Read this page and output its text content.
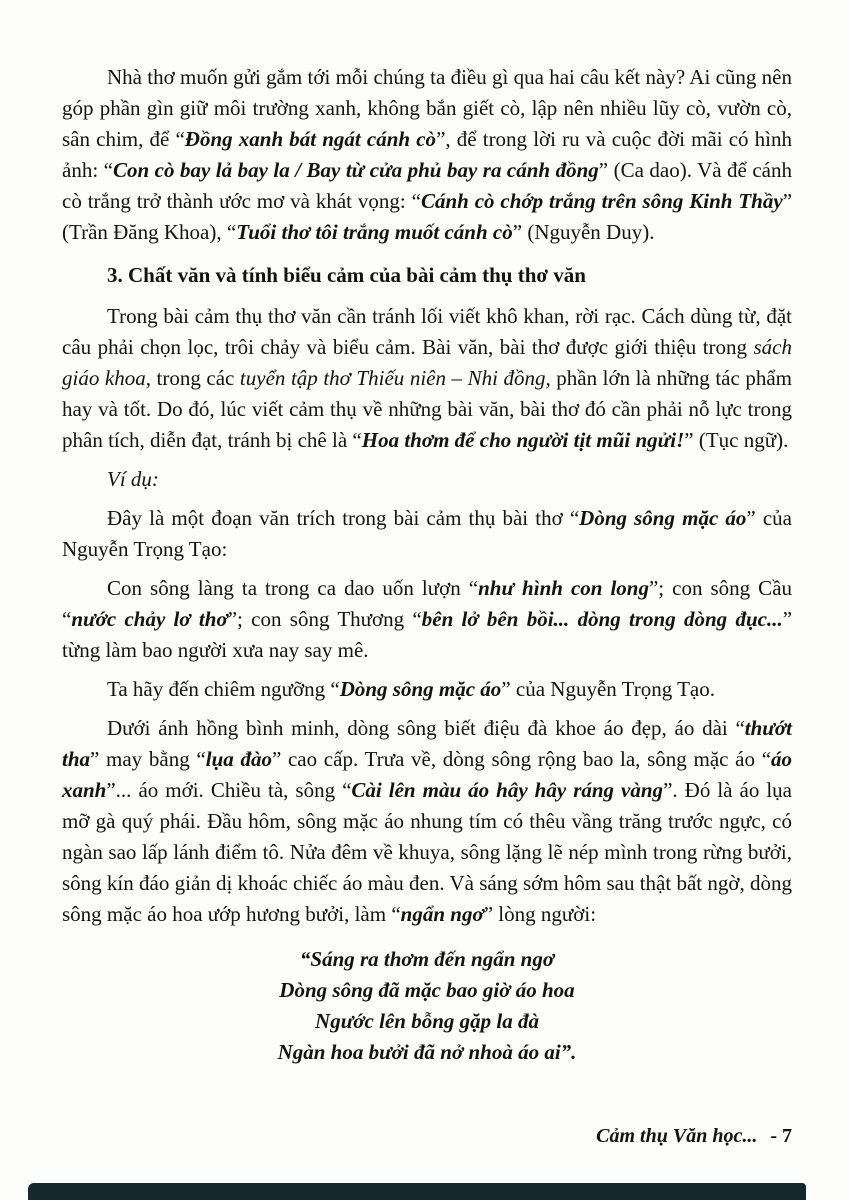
Nhà thơ muốn gửi gắm tới mỗi chúng ta điều gì qua hai câu kết này? Ai cũng nên góp phần gìn giữ môi trường xanh, không bắn giết cò, lập nên nhiều lũy cò, vườn cò, sân chim, để “Đồng xanh bát ngát cánh cò”, để trong lời ru và cuộc đời mãi có hình ảnh: “Con cò bay lả bay la / Bay từ cửa phủ bay ra cánh đồng” (Ca dao). Và để cánh cò trắng trở thành ước mơ và khát vọng: “Cánh cò chớp trắng trên sông Kinh Thầy” (Trần Đăng Khoa), “Tuổi thơ tôi trắng muốt cánh cò” (Nguyễn Duy).

3. Chất văn và tính biểu cảm của bài cảm thụ thơ văn

Trong bài cảm thụ thơ văn cần tránh lối viết khô khan, rời rạc. Cách dùng từ, đặt câu phải chọn lọc, trôi chảy và biểu cảm. Bài văn, bài thơ được giới thiệu trong sách giáo khoa, trong các tuyển tập thơ Thiếu niên – Nhi đồng, phần lớn là những tác phẩm hay và tốt. Do đó, lúc viết cảm thụ về những bài văn, bài thơ đó cần phải nỗ lực trong phân tích, diễn đạt, tránh bị chê là “Hoa thơm để cho người tịt mũi ngửi!” (Tục ngữ).

Ví dụ:

Đây là một đoạn văn trích trong bài cảm thụ bài thơ “Dòng sông mặc áo” của Nguyễn Trọng Tạo:

Con sông làng ta trong ca dao uốn lượn “như hình con long”; con sông Cầu “nước chảy lơ thơ”; con sông Thương “bên lở bên bồi... dòng trong dòng đục...” từng làm bao người xưa nay say mê.

Ta hãy đến chiêm ngưỡng “Dòng sông mặc áo” của Nguyễn Trọng Tạo.

Dưới ánh hồng bình minh, dòng sông biết điệu đà khoe áo đẹp, áo dài “thướt tha” may bằng “lụa đào” cao cấp. Trưa về, dòng sông rộng bao la, sông mặc áo “áo xanh”... áo mới. Chiều tà, sông “Cài lên màu áo hây hây ráng vàng”. Đó là áo lụa mỡ gà quý phái. Đầu hôm, sông mặc áo nhung tím có thêu vầng trăng trước ngực, có ngàn sao lấp lánh điểm tô. Nửa đêm về khuya, sông lặng lẽ nép mình trong rừng bưởi, sông kín đáo giản dị khoác chiếc áo màu đen. Và sáng sớm hôm sau thật bất ngờ, dòng sông mặc áo hoa ướp hương bưởi, làm “ngẩn ngơ” lòng người:

“Sáng ra thơm đến ngẩn ngơ
Dòng sông đã mặc bao giờ áo hoa
Ngước lên bỗng gặp la đà
Ngàn hoa bưởi đã nở nhoà áo ai”.
Cảm thụ Văn học... - 7
